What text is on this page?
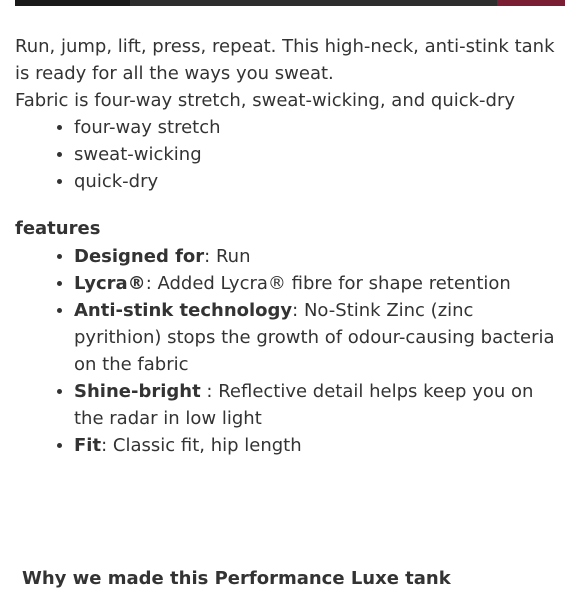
Run, jump, lift, press, repeat. This high-neck, anti-stink tank is ready for all the ways you sweat.

Fabric is four-way stretch, sweat-wicking, and quick-dry

• four-way stretch
• sweat-wicking
• quick-dry
features
• Designed for: Run
• Lycra®: Added Lycra® fibre for shape retention
• Anti-stink technology: No-Stink Zinc (zinc pyrithion) stops the growth of odour-causing bacteria on the fabric
• Shine-bright : Reflective detail helps keep you on the radar in low light
• Fit: Classic fit, hip length
Why we made this Performance Luxe tank
